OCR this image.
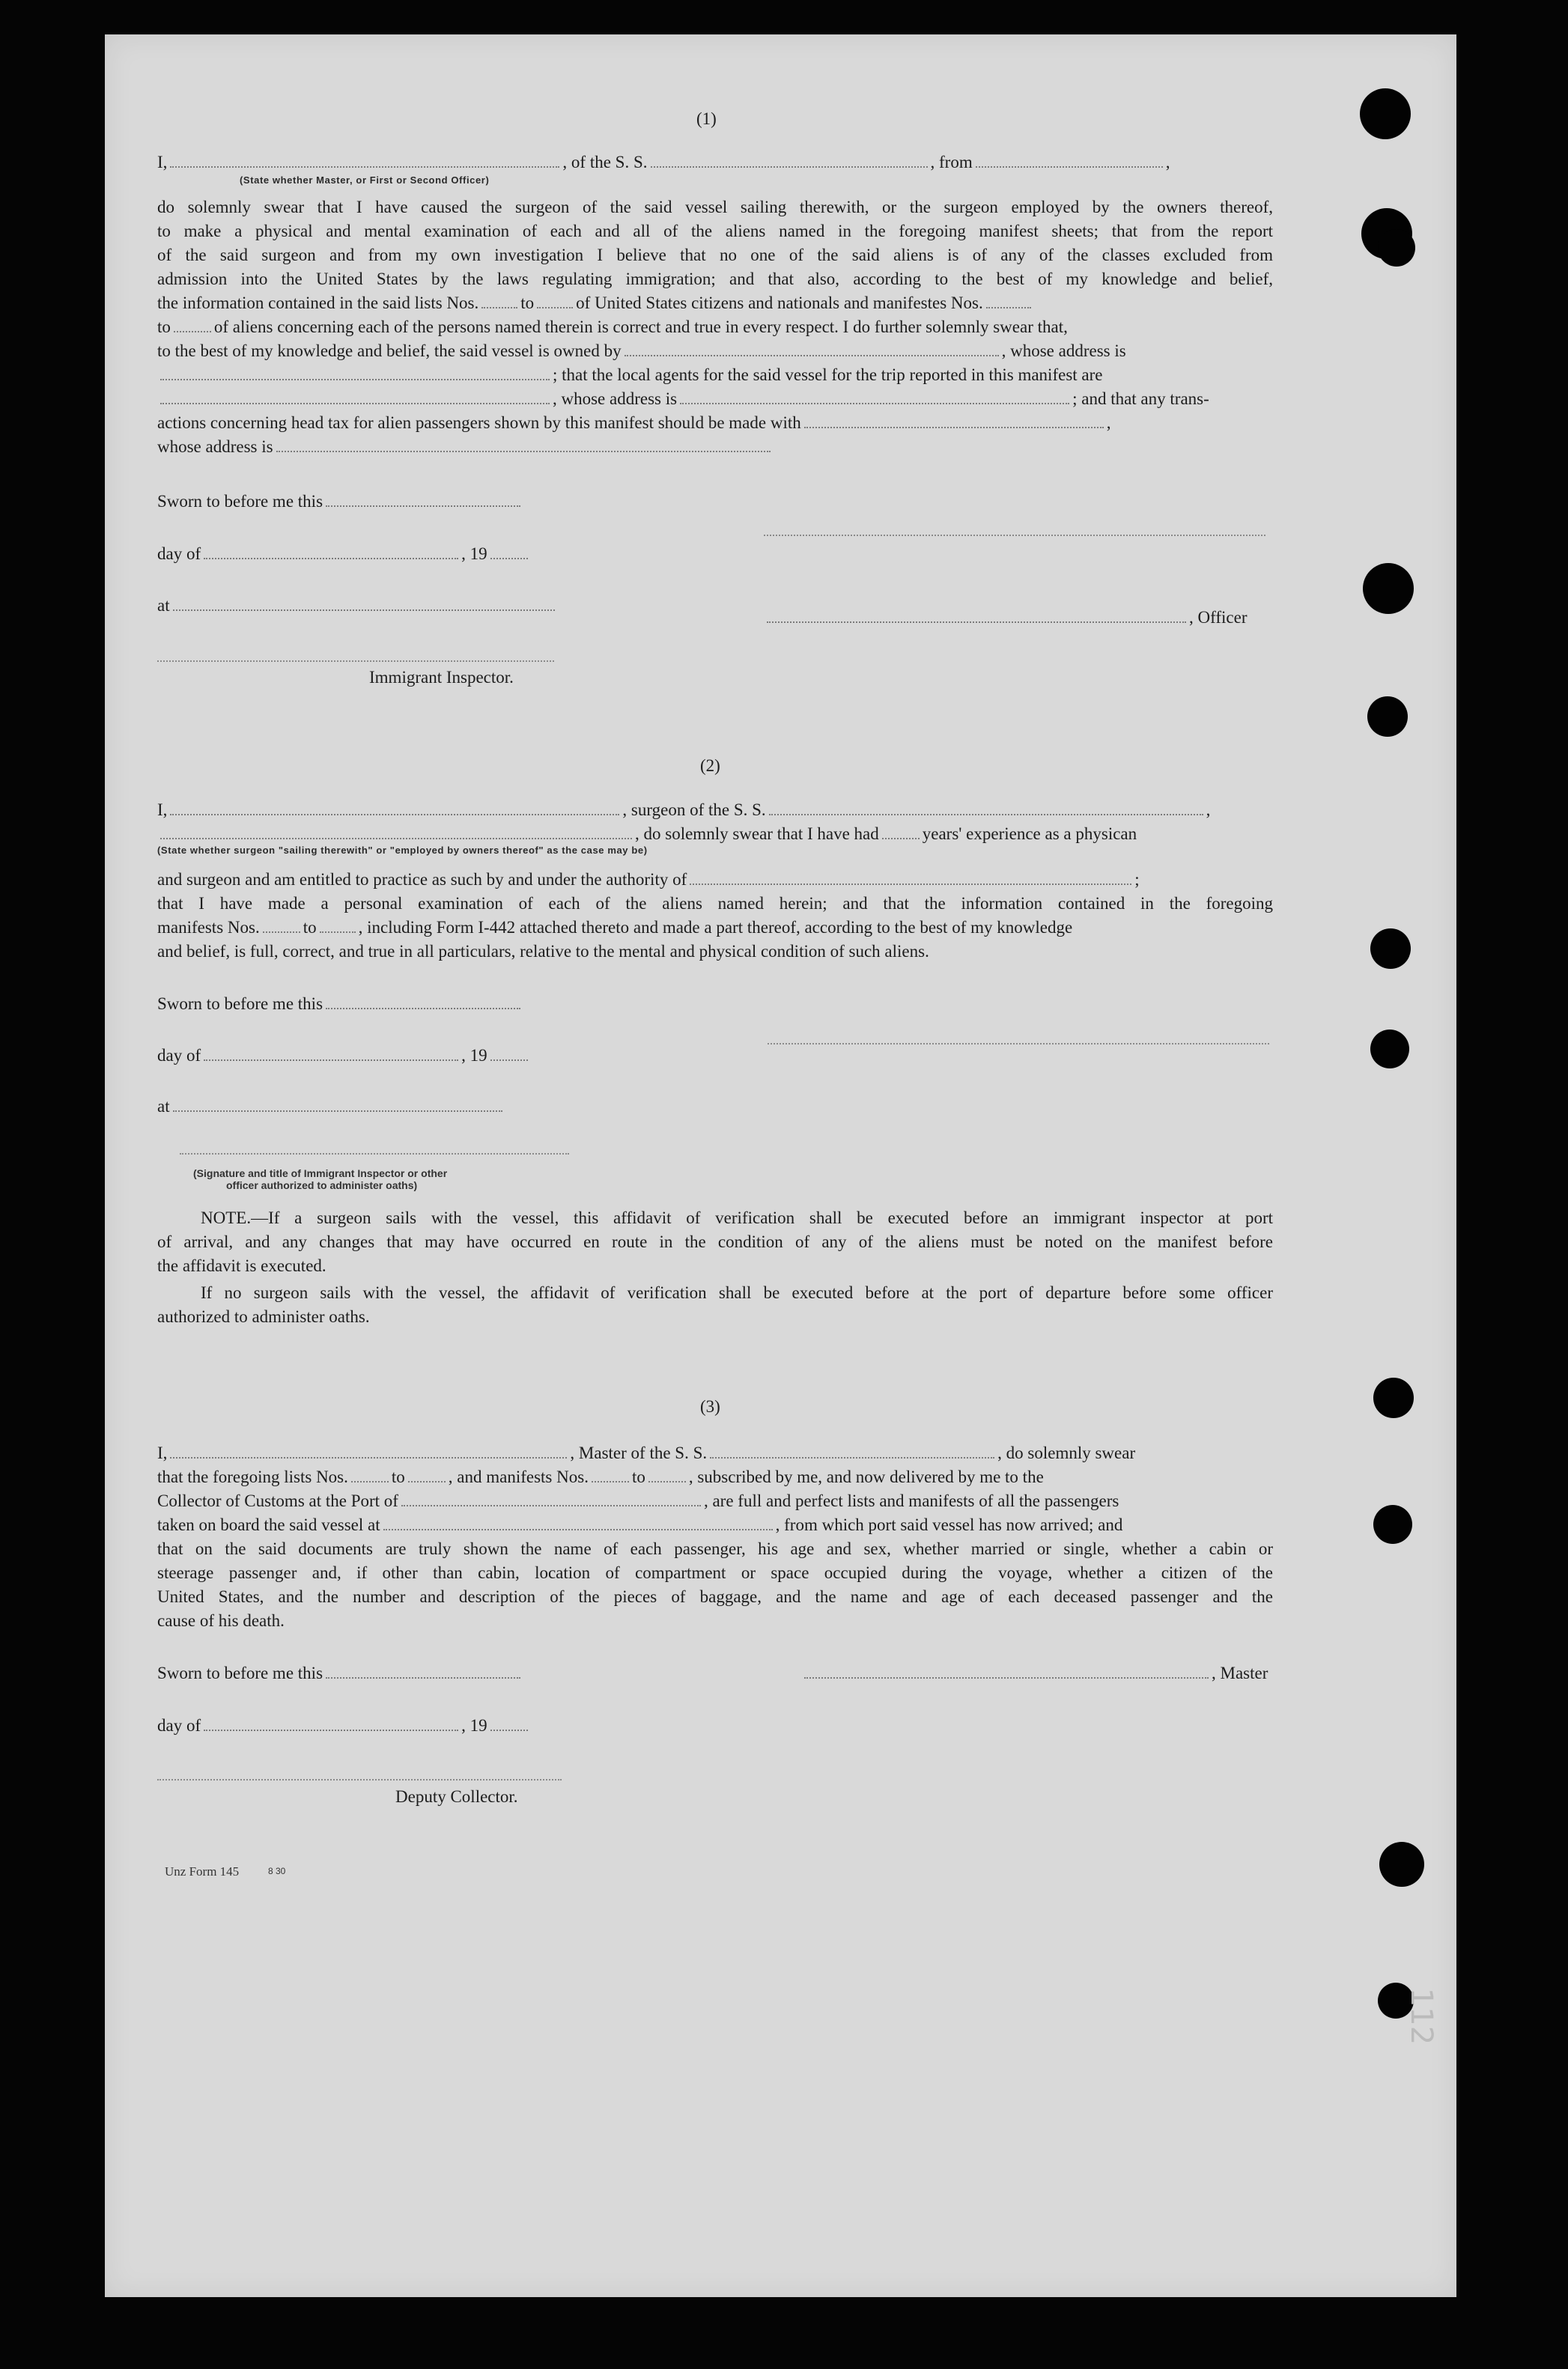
112
(1)
I,	, of the S. S.	, from	,
(State whether Master, or First or Second Officer)
do solemnly swear that I have caused the surgeon of the said vessel sailing therewith, or the surgeon employed by the owners thereof,
to make a physical and mental examination of each and all of the aliens named in the foregoing manifest sheets; that from the report
of the said surgeon and from my own investigation I believe that no one of the said aliens is of any of the classes excluded from
admission into the United States by the laws regulating immigration; and that also, according to the best of my knowledge and belief,
the information contained in the said lists Nos. to of United States citizens and nationals and manifestes Nos.
to	of aliens concerning each of the persons named therein is correct and true in every respect. I do further solemnly swear that,
to the best of my knowledge and belief, the said vessel is owned by	, whose address is
; that the local agents for the said vessel for the trip reported in this manifest are
, whose address is	; and that any trans-
actions concerning head tax for alien passengers shown by this manifest should be made with	,
whose address is
Sworn to before me this
day of	, 19
at
, Officer
Immigrant Inspector.
(2)
I,	, surgeon of the S. S.	,
, do solemnly swear that I have had	years' experience as a physican
(State whether surgeon "sailing therewith" or "employed by owners thereof" as the case may be)
and surgeon and am entitled to practice as such by and under the authority of	;
that I have made a personal examination of each of the aliens named herein; and that the information contained in the foregoing
manifests Nos.	to , including Form I-442 attached thereto and made a part thereof, according to the best of my knowledge
and belief, is full, correct, and true in all particulars, relative to the mental and physical condition of such aliens.
Sworn to before me this
day of	, 19
at
(Signature and title of Immigrant Inspector or other
officer authorized to administer oaths)
NOTE.—If a surgeon sails with the vessel, this affidavit of verification shall be executed before an immigrant inspector at port
of arrival, and any changes that may have occurred en route in the condition of any of the aliens must be noted on the manifest before
the affidavit is executed.
If no surgeon sails with the vessel, the affidavit of verification shall be executed before at the port of departure before some officer
authorized to administer oaths.
(3)
I,	, Master of the S. S.	, do solemnly swear
that the foregoing lists Nos.	to	, and manifests Nos.	to	, subscribed by me, and now delivered by me to the
Collector of Customs at the Port of	, are full and perfect lists and manifests of all the passengers
taken on board the said vessel at	, from which port said vessel has now arrived; and
that on the said documents are truly shown the name of each passenger, his age and sex, whether married or single, whether a cabin or
steerage passenger and, if other than cabin, location of compartment or space occupied during the voyage, whether a citizen of the
United States, and the number and description of the pieces of baggage, and the name and age of each deceased passenger and the
cause of his death.
Sworn to before me this	, Master
day of	, 19
Deputy Collector.
Unz Form 145	8 30
